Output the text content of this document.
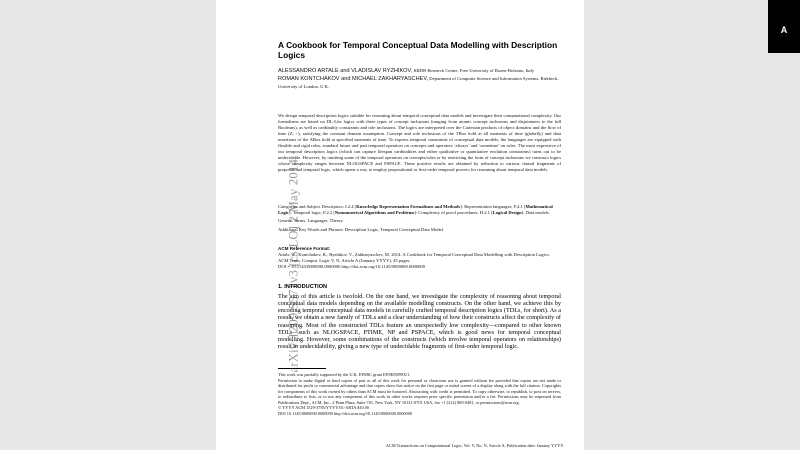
A
arXiv:1209.5571v3 [cs.LO] 2 May 2014
A Cookbook for Temporal Conceptual Data Modelling with Description Logics

ALESSANDRO ARTALE and VLADISLAV RYZHIKOV, KRDB Research Centre, Free University of Bozen-Bolzano, Italy

ROMAN KONTCHAKOV and MICHAEL ZAKHARYASCHEV, Department of Computer Science and Information Systems, Birkbeck, University of London, U.K.

We design temporal description logics suitable for reasoning about temporal conceptual data models and investigate their computational complexity. Our formalisms are based on DL-Lite logics with three types of concept inclusions (ranging from atomic concept inclusions and disjointness to the full Booleans), as well as cardinality constraints and role inclusions. The logics are interpreted over the Cartesian products of object domains and the flow of time (Z, <), satisfying the constant domain assumption. Concept and role inclusions of the TBox hold at all moments of time (globally) and data assertions of the ABox hold at specified moments of time. To express temporal constraints of conceptual data models, the languages are equipped with flexible and rigid roles, standard future and past temporal operators on concepts and operators ‘always’ and ‘sometime’ on roles. The most expressive of our temporal description logics (which can capture lifespan cardinalities and either qualitative or quantitative evolution constraints) turns out to be undecidable. However, by omitting some of the temporal operators on concepts/roles or by restricting the form of concept inclusions we construct logics whose complexity ranges between NLOGSPACE and PSPACE. These positive results are obtained by reduction to various clausal fragments of propositional temporal logic, which opens a way to employ propositional or first-order temporal provers for reasoning about temporal data models.

Categories and Subject Descriptors: I.2.4 [Knowledge Representation Formalisms and Methods]: Representation languages; F.4.1 [Mathematical Logic]: Temporal logic; F.2.2 [Nonnumerical Algorithms and Problems]: Complexity of proof procedures; H.2.1 [Logical Design]: Data models.

General Terms: Languages, Theory.

Additional Key Words and Phrases: Description Logic, Temporal Conceptual Data Model.

ACM Reference Format:
Artale, A., Kontchakov, R., Ryzhikov, V., Zakharyaschev, M. 2014. A Cookbook for Temporal Conceptual Data Modelling with Description Logics. ACM Trans. Comput. Logic V, N, Article A (January YYYY), 45 pages.
DOI = 10.1145/0000000.0000000 http://doi.acm.org/10.1145/0000000.0000000
1. INTRODUCTION
The aim of this article is twofold. On the one hand, we investigate the complexity of reasoning about temporal conceptual data models depending on the available modelling constructs. On the other hand, we achieve this by encoding temporal conceptual data models in carefully crafted temporal description logics (TDLs, for short). As a result, we obtain a new family of TDLs and a clear understanding of how their constructs affect the complexity of reasoning. Most of the constructed TDLs feature an unexpectedly low complexity—compared to other known TDLs—such as NLOGSPACE, PTIME, NP and PSPACE, which is good news for temporal conceptual modelling. However, some combinations of the constructs (which involve temporal operators on relationships) result in undecidability, giving a new type of undecidable fragments of first-order temporal logic.

This work was partially supported by the U.K. EPSRC grant EP/H05099X/1.

Permission to make digital or hard copies of part or all of this work for personal or classroom use is granted without fee provided that copies are not made or distributed for profit or commercial advantage and that copies show this notice on the first page or initial screen of a display along with the full citation. Copyrights for components of this work owned by others than ACM must be honored. Abstracting with credit is permitted. To copy otherwise, to republish, to post on servers, to redistribute to lists, or to use any component of this work in other works requires prior specific permission and/or a fee. Permissions may be requested from Publications Dept., ACM, Inc., 2 Penn Plaza, Suite 701, New York, NY 10121-0701 USA, fax +1 (212) 869-0481, or permissions@acm.org.

© YYYY ACM 1529-3785/YYYY/01-ARTA $10.00

DOI 10.1145/0000000.0000000 http://doi.acm.org/10.1145/0000000.0000000

ACM Transactions on Computational Logic, Vol. V, No. N, Article A, Publication date: January YYYY.
